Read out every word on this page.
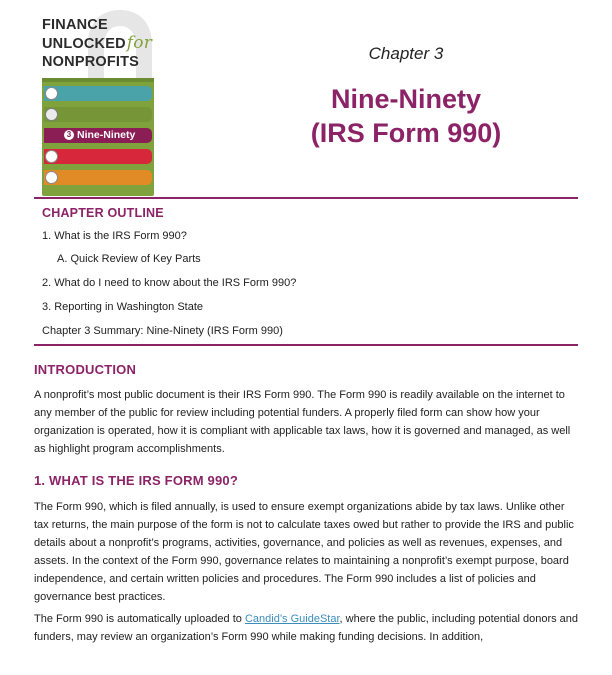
FINANCE
UNLOCKEDfor
NONPROFITS
3 Nine-Ninety
Chapter 3
Nine-Ninety
(IRS Form 990)
CHAPTER OUTLINE
1. What is the IRS Form 990?
A. Quick Review of Key Parts
2. What do I need to know about the IRS Form 990?
3. Reporting in Washington State
Chapter 3 Summary: Nine-Ninety (IRS Form 990)
INTRODUCTION
A nonprofit’s most public document is their IRS Form 990. The Form 990 is readily available on the internet to any member of the public for review including potential funders. A properly filed form can show how your organization is operated, how it is compliant with applicable tax laws, how it is governed and managed, as well as highlight program accomplishments.
1. WHAT IS THE IRS FORM 990?
The Form 990, which is filed annually, is used to ensure exempt organizations abide by tax laws. Unlike other tax returns, the main purpose of the form is not to calculate taxes owed but rather to provide the IRS and public details about a nonprofit’s programs, activities, governance, and policies as well as revenues, expenses, and assets. In the context of the Form 990, governance relates to maintaining a nonprofit’s exempt purpose, board independence, and certain written policies and procedures. The Form 990 includes a list of policies and governance best practices.
The Form 990 is automatically uploaded to Candid’s GuideStar, where the public, including potential donors and funders, may review an organization’s Form 990 while making funding decisions. In addition,
